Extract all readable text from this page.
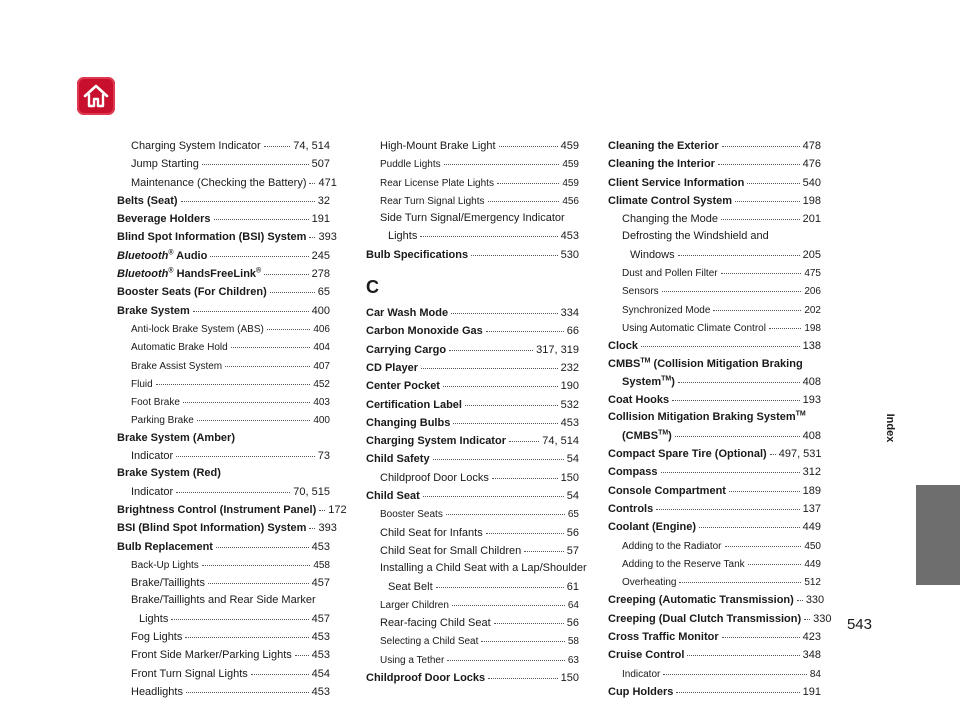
Index
543
Charging System Indicator	74, 514
Jump Starting	507
Maintenance (Checking the Battery) 471
Belts (Seat)	32
Beverage Holders	191
Blind Spot Information (BSI) System 393
Bluetooth® Audio	245
Bluetooth® HandsFreeLink®	278
Booster Seats (For Children)	65
Brake System	400
Anti-lock Brake System (ABS)	406
Automatic Brake Hold	404
Brake Assist System	407
Fluid	452
Foot Brake	403
Parking Brake	400
Brake System (Amber)
Indicator	73
Brake System (Red)
Indicator	70, 515
Brightness Control (Instrument Panel) 172
BSI (Blind Spot Information) System 393
Bulb Replacement	453
Back-Up Lights	458
Brake/Taillights	457
Brake/Taillights and Rear Side Marker
Lights	457
Fog Lights	453
Front Side Marker/Parking Lights 453
Front Turn Signal Lights	454
Headlights	453
High-Mount Brake Light	459
Puddle Lights	459
Rear License Plate Lights	459
Rear Turn Signal Lights	456
Side Turn Signal/Emergency Indicator
Lights	453
Bulb Specifications	530
C
Car Wash Mode	334
Carbon Monoxide Gas	66
Carrying Cargo	317, 319
CD Player	232
Center Pocket	190
Certification Label	532
Changing Bulbs	453
Charging System Indicator	74, 514
Child Safety	54
Childproof Door Locks	150
Child Seat	54
Booster Seats	65
Child Seat for Infants	56
Child Seat for Small Children	57
Installing a Child Seat with a Lap/Shoulder
Seat Belt	61
Larger Children	64
Rear-facing Child Seat	56
Selecting a Child Seat	58
Using a Tether	63
Childproof Door Locks	150
Cleaning the Exterior	478
Cleaning the Interior	476
Client Service Information	540
Climate Control System	198
Changing the Mode	201
Defrosting the Windshield and
Windows	205
Dust and Pollen Filter	475
Sensors	206
Synchronized Mode	202
Using Automatic Climate Control	198
Clock	138
CMBS™ (Collision Mitigation Braking
System™)	408
Coat Hooks	193
Collision Mitigation Braking System™
(CMBS™)	408
Compact Spare Tire (Optional) 497, 531
Compass	312
Console Compartment	189
Controls	137
Coolant (Engine)	449
Adding to the Radiator	450
Adding to the Reserve Tank	449
Overheating	512
Creeping (Automatic Transmission) 330
Creeping (Dual Clutch Transmission) 330
Cross Traffic Monitor	423
Cruise Control	348
Indicator	84
Cup Holders	191
